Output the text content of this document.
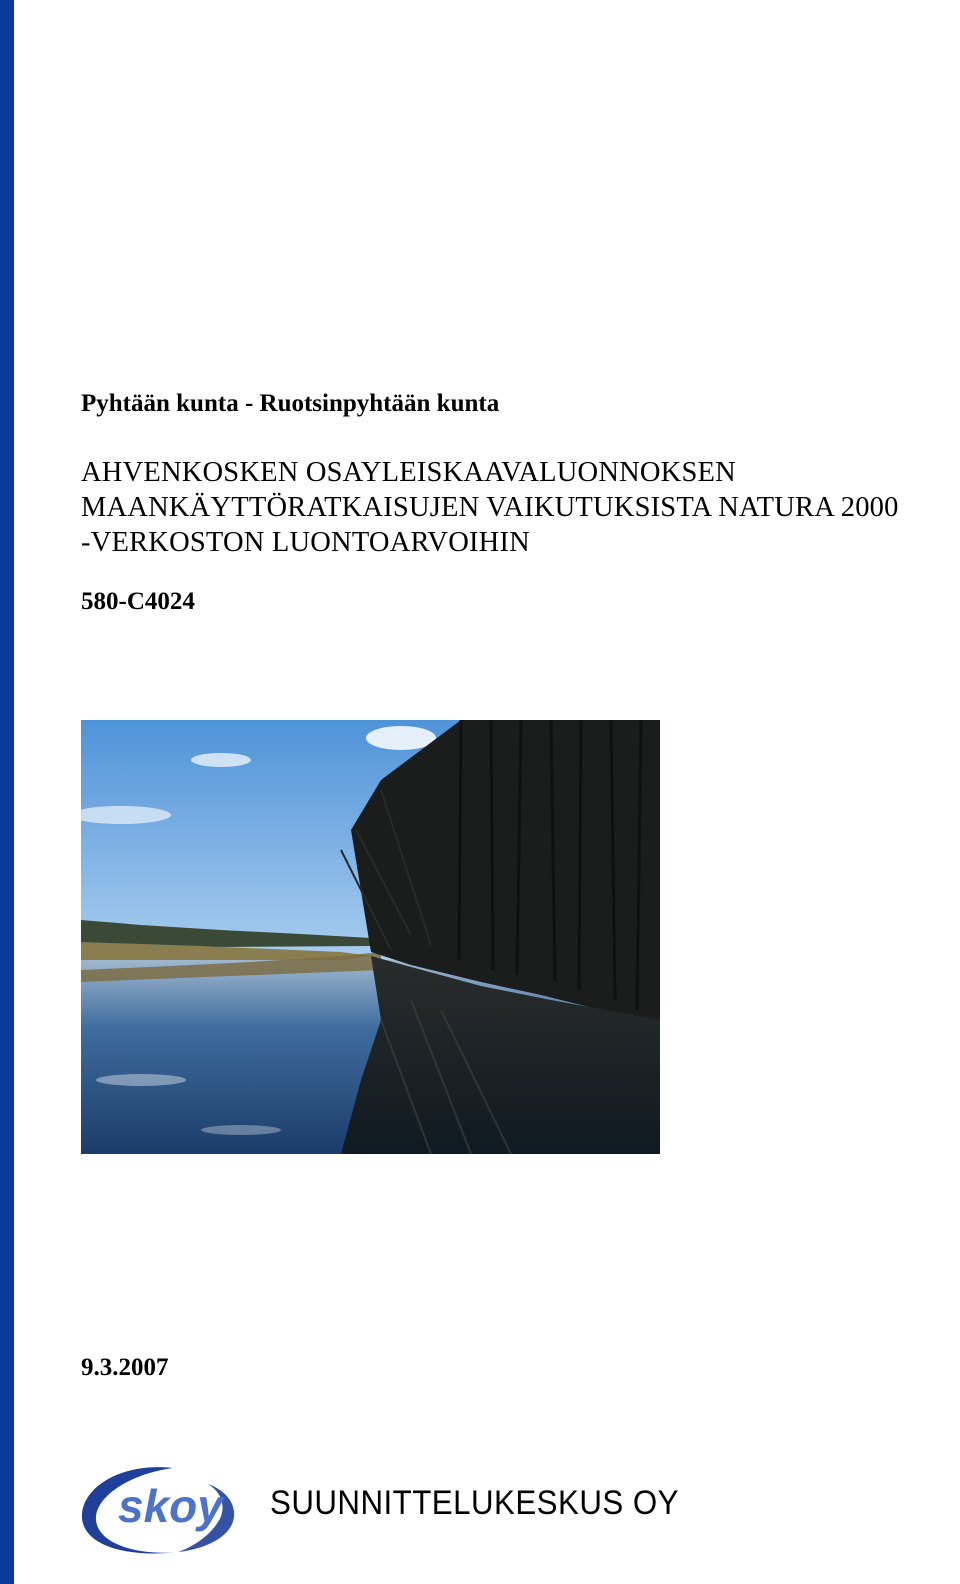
Pyhtään kunta - Ruotsinpyhtään kunta

AHVENKOSKEN OSAYLEISKAAVALUONNOKSEN
MAANKÄYTTÖRATKAISUJEN VAIKUTUKSISTA NATURA 2000
-VERKOSTON LUONTOARVOIHIN

580-C4024

9.3.2007

skoy SUUNNITTELUKESKUS OY
